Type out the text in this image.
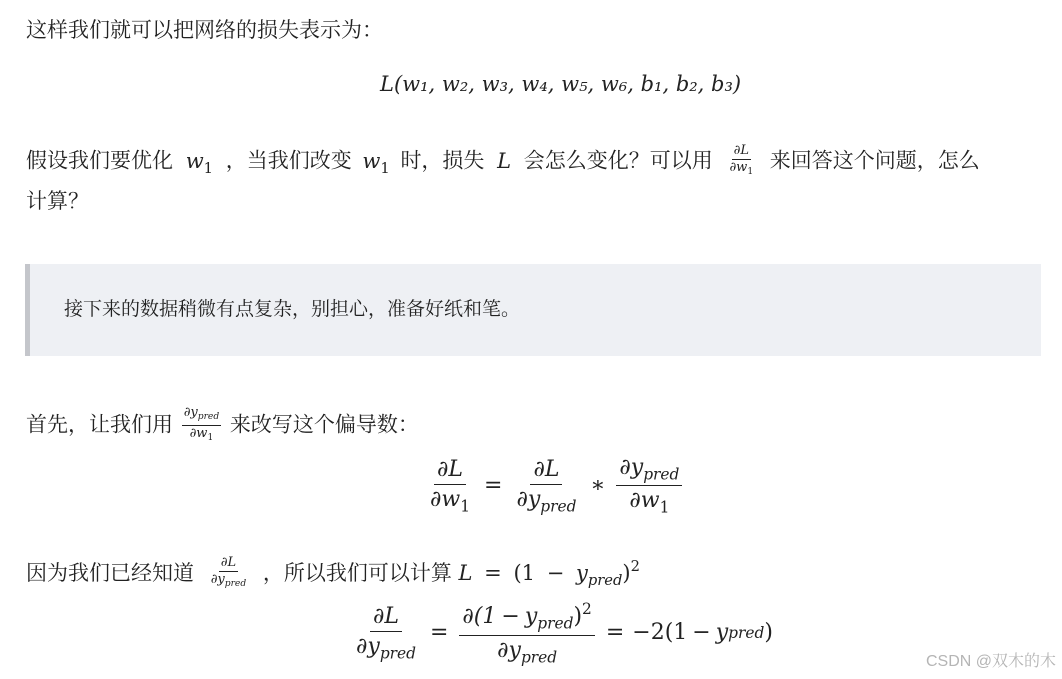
这样我们就可以把网络的损失表示为：
L (w₁, w₂, w₃, w₄, w₅, w₆, b₁, b₂, b₃)
假设我们要优化 $w_1$ ，当我们改变 $w_1$ 时，损失 L 会怎么变化？可以用 $\frac{\partial L}{\partial w_1}$ 来回答这个问题，怎么
计算？
接下来的数据稍微有点复杂，别担心，准备好纸和笔。
首先，让我们用 $\frac{\partial y_{pred}}{\partial w_1}$ 来改写这个偏导数：
$\frac{\partial L}{\partial w_1} = \frac{\partial L}{\partial y_{pred}}$ ∗ $\frac{\partial y_{pred}}{\partial w_1}$
因为我们已经知道 $\frac{\partial L}{\partial y_{pred}}$ ，所以我们可以计算 $L = (1 - y_{pred})^2$
$\frac{\partial L}{\partial y_{pred}} = \frac{\partial(1 - y_{pred})^2}{\partial y_{pred}} = -2(1 - y$ pred )
CSDN @双木的木
